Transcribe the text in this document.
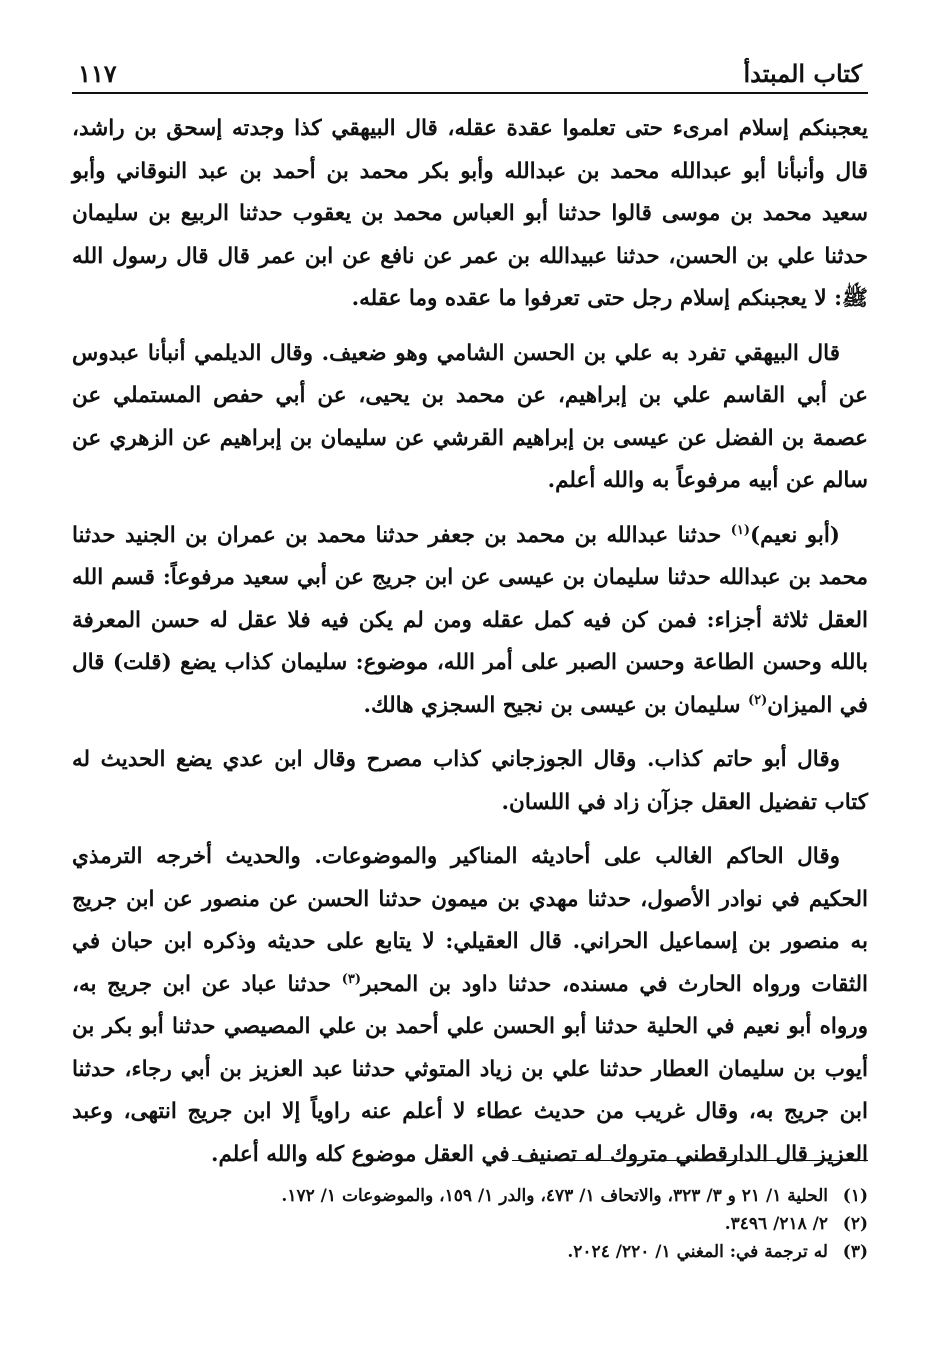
كتاب المبتدأ
١١٧

يعجبنكم إسلام امرىء حتى تعلموا عقدة عقله، قال البيهقي كذا وجدته إسحق بن راشد، قال وأنبأنا أبو عبدالله محمد بن عبدالله وأبو بكر محمد بن أحمد بن عبد النوقاني وأبو سعيد محمد بن موسى قالوا حدثنا أبو العباس محمد بن يعقوب حدثنا الربيع بن سليمان حدثنا علي بن الحسن، حدثنا عبيدالله بن عمر عن نافع عن ابن عمر قال قال رسول الله ﷺ: لا يعجبنكم إسلام رجل حتى تعرفوا ما عقده وما عقله.

قال البيهقي تفرد به علي بن الحسن الشامي وهو ضعيف. وقال الديلمي أنبأنا عبدوس عن أبي القاسم علي بن إبراهيم، عن محمد بن يحيى، عن أبي حفص المستملي عن عصمة بن الفضل عن عيسى بن إبراهيم القرشي عن سليمان بن إبراهيم عن الزهري عن سالم عن أبيه مرفوعاً به والله أعلم.

(أبو نعيم)$^{(١)}$ حدثنا عبدالله بن محمد بن جعفر حدثنا محمد بن عمران بن الجنيد حدثنا محمد بن عبدالله حدثنا سليمان بن عيسى عن ابن جريج عن أبي سعيد مرفوعاً: قسم الله العقل ثلاثة أجزاء: فمن كن فيه كمل عقله ومن لم يكن فيه فلا عقل له حسن المعرفة بالله وحسن الطاعة وحسن الصبر على أمر الله، موضوع: سليمان كذاب يضع (قلت) قال في الميزان$^{(٢)}$ سليمان بن عيسى بن نجيح السجزي هالك.

وقال أبو حاتم كذاب. وقال الجوزجاني كذاب مصرح وقال ابن عدي يضع الحديث له كتاب تفضيل العقل جزآن زاد في اللسان.

وقال الحاكم الغالب على أحاديثه المناكير والموضوعات. والحديث أخرجه الترمذي الحكيم في نوادر الأصول، حدثنا مهدي بن ميمون حدثنا الحسن عن منصور عن ابن جريج به منصور بن إسماعيل الحراني. قال العقيلي: لا يتابع على حديثه وذكره ابن حبان في الثقات ورواه الحارث في مسنده، حدثنا داود بن المحبر$^{(٣)}$ حدثنا عباد عن ابن جريج به، ورواه أبو نعيم في الحلية حدثنا أبو الحسن علي أحمد بن علي المصيصي حدثنا أبو بكر بن أيوب بن سليمان العطار حدثنا علي بن زياد المتوثي حدثنا عبد العزيز بن أبي رجاء، حدثنا ابن جريج به، وقال غريب من حديث عطاء لا أعلم عنه راوياً إلا ابن جريج انتهى، وعبد العزيز قال الدارقطني متروك له تصنيف في العقل موضوع كله والله أعلم.

(١)
الحلية ١/ ٢١ و ٣/ ٣٢٣، والاتحاف ١/ ٤٧٣، والدر ١/ ١٥٩، والموضوعات ١/ ١٧٢.
(٢)
٢/ ٢١٨/ ٣٤٩٦.
(٣)
له ترجمة في: المغني ١/ ٢٢٠/ ٢٠٢٤.
